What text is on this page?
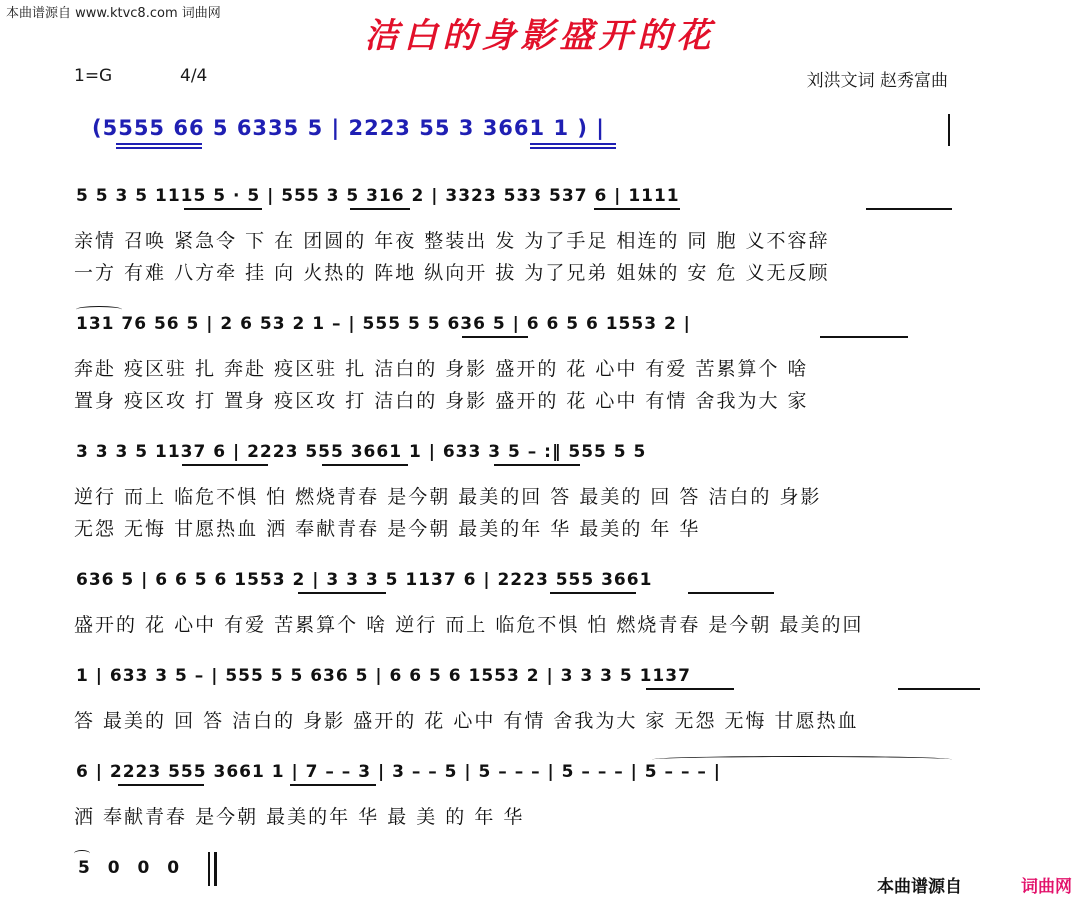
本曲谱源自 www.ktvc8.com 词曲网
洁白的身影盛开的花
1=G	4/4	刘洪文词 赵秀富曲
(5555 66 5 6335 5 | 2223 55 3 3661 1 ) |
5 5 3 5 1115 5 · 5 | 555 3 5 316 2 | 3323 533 537 6 | 1111
亲情 召唤 紧急令 下 在 团圆的 年夜 整装出 发 为了手足 相连的 同 胞 义不容辞
一方 有难 八方牵 挂 向 火热的 阵地 纵向开 拔 为了兄弟 姐妹的 安 危 义无反顾
131 76 56 5 | 2 6 53 2 1 – | 555 5 5 636 5 | 6 6 5 6 1553 2 |
奔赴 疫区驻 扎 奔赴 疫区驻 扎 洁白的 身影 盛开的 花 心中 有爱 苦累算个 啥
置身 疫区攻 打 置身 疫区攻 打 洁白的 身影 盛开的 花 心中 有情 舍我为大 家
3 3 3 5 1137 6 | 2223 555 3661 1 | 633 3 5 – :‖ 555 5 5
逆行 而上 临危不惧 怕 燃烧青春 是今朝 最美的回 答 最美的 回 答 洁白的 身影
无怨 无悔 甘愿热血 洒 奉献青春 是今朝 最美的年 华 最美的 年 华
636 5 | 6 6 5 6 1553 2 | 3 3 3 5 1137 6 | 2223 555 3661
盛开的 花 心中 有爱 苦累算个 啥 逆行 而上 临危不惧 怕 燃烧青春 是今朝 最美的回
1 | 633 3 5 – | 555 5 5 636 5 | 6 6 5 6 1553 2 | 3 3 3 5 1137
答 最美的 回 答 洁白的 身影 盛开的 花 心中 有情 舍我为大 家 无怨 无悔 甘愿热血
6 | 2223 555 3661 1 | 7 – – 3 | 3 – – 5 | 5 – – – | 5 – – – | 5 – – – |
洒 奉献青春 是今朝 最美的年 华 最 美 的 年 华
5 0 0 0
本曲谱源自	词曲网
